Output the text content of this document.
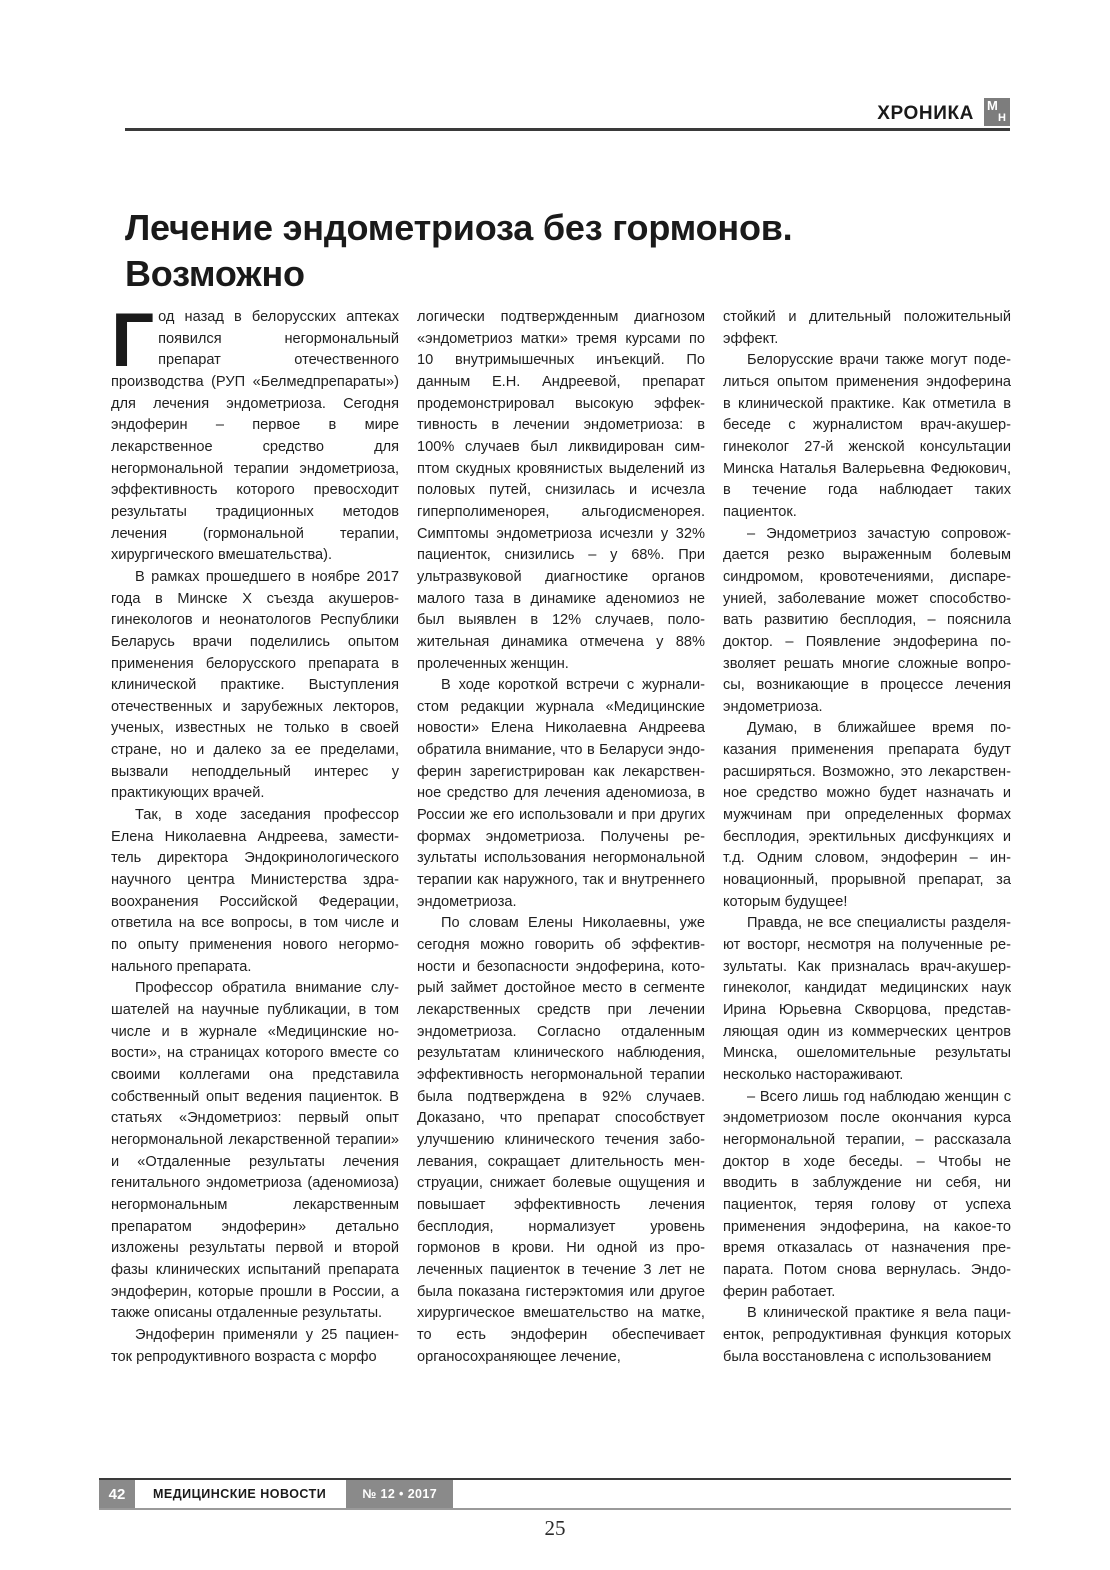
ХРОНИКА М
Н
Лечение эндометриоза без гормонов.
Возможно

Год назад в белорусских аптеках появился негормональный препарат отечественного производства (РУП «Белмедпрепараты») для лечения эндометриоза. Сегодня эндоферин – первое в мире лекарственное средство для негормональной терапии эндометриоза, эффективность которого превосходит результаты традиционных методов лечения (гормональной терапии, хирургического вмешательства).

В рамках прошедшего в ноябре 2017 года в Минске X съезда акушеров-гинекологов и неонатологов Республики Беларусь врачи поделились опытом применения белорусского препарата в клинической практике. Выступления отечественных и зарубежных лекторов, ученых, известных не только в своей стране, но и далеко за ее пределами, вызвали неподдельный интерес у практикующих врачей.

Так, в ходе заседания профессор Елена Николаевна Андреева, заместитель директора Эндокринологического научного центра Министерства здравоохранения Российской Федерации, ответила на все вопросы, в том числе и по опыту применения нового негормонального препарата.

Профессор обратила внимание слушателей на научные публикации, в том числе и в журнале «Медицинские новости», на страницах которого вместе со своими коллегами она представила собственный опыт ведения пациенток. В статьях «Эндометриоз: первый опыт негормональной лекарственной терапии» и «Отдаленные результаты лечения генитального эндометриоза (аденомиоза) негормональным лекарственным препаратом эндоферин» детально изложены результаты первой и второй фазы клинических испытаний препарата эндоферин, которые прошли в России, а также описаны отдаленные результаты.

Эндоферин применяли у 25 пациенток репродуктивного возраста с морфо

логически подтвержденным диагнозом «эндометриоз матки» тремя курсами по 10 внутримышечных инъекций. По данным Е.Н. Андреевой, препарат продемонстрировал высокую эффективность в лечении эндометриоза: в 100% случаев был ликвидирован симптом скудных кровянистых выделений из половых путей, снизилась и исчезла гиперполименорея, альгодисменорея. Симптомы эндометриоза исчезли у 32% пациенток, снизились – у 68%. При ультразвуковой диагностике органов малого таза в динамике аденомиоз не был выявлен в 12% случаев, положительная динамика отмечена у 88% пролеченных женщин.

В ходе короткой встречи с журналистом редакции журнала «Медицинские новости» Елена Николаевна Андреева обратила внимание, что в Беларуси эндоферин зарегистрирован как лекарственное средство для лечения аденомиоза, в России же его использовали и при других формах эндометриоза. Получены результаты использования негормональной терапии как наружного, так и внутреннего эндометриоза.

По словам Елены Николаевны, уже сегодня можно говорить об эффективности и безопасности эндоферина, который займет достойное место в сегменте лекарственных средств при лечении эндометриоза. Согласно отдаленным результатам клинического наблюдения, эффективность негормональной терапии была подтверждена в 92% случаев. Доказано, что препарат способствует улучшению клинического течения заболевания, сокращает длительность менструации, снижает болевые ощущения и повышает эффективность лечения бесплодия, нормализует уровень гормонов в крови. Ни одной из пролеченных пациенток в течение 3 лет не была показана гистерэктомия или другое хирургическое вмешательство на матке, то есть эндоферин обеспечивает органосохраняющее лечение,

стойкий и длительный положительный эффект.

Белорусские врачи также могут поделиться опытом применения эндоферина в клинической практике. Как отметила в беседе с журналистом врач-акушер-гинеколог 27-й женской консультации Минска Наталья Валерьевна Федюкович, в течение года наблюдает таких пациенток.

– Эндометриоз зачастую сопровождается резко выраженным болевым синдромом, кровотечениями, диспареунией, заболевание может способствовать развитию бесплодия, – пояснила доктор. – Появление эндоферина позволяет решать многие сложные вопросы, возникающие в процессе лечения эндометриоза.

Думаю, в ближайшее время показания применения препарата будут расширяться. Возможно, это лекарственное средство можно будет назначать и мужчинам при определенных формах бесплодия, эректильных дисфункциях и т.д. Одним словом, эндоферин – инновационный, прорывной препарат, за которым будущее!

Правда, не все специалисты разделяют восторг, несмотря на полученные результаты. Как призналась врач-акушер-гинеколог, кандидат медицинских наук Ирина Юрьевна Скворцова, представляющая один из коммерческих центров Минска, ошеломительные результаты несколько настораживают.

– Всего лишь год наблюдаю женщин с эндометриозом после окончания курса негормональной терапии, – рассказала доктор в ходе беседы. – Чтобы не вводить в заблуждение ни себя, ни пациенток, теряя голову от успеха применения эндоферина, на какое-то время отказалась от назначения препарата. Потом снова вернулась. Эндоферин работает.

В клинической практике я вела пациенток, репродуктивная функция которых была восстановлена с использованием

42	МЕДИЦИНСКИЕ НОВОСТИ	№ 12 • 2017
25
